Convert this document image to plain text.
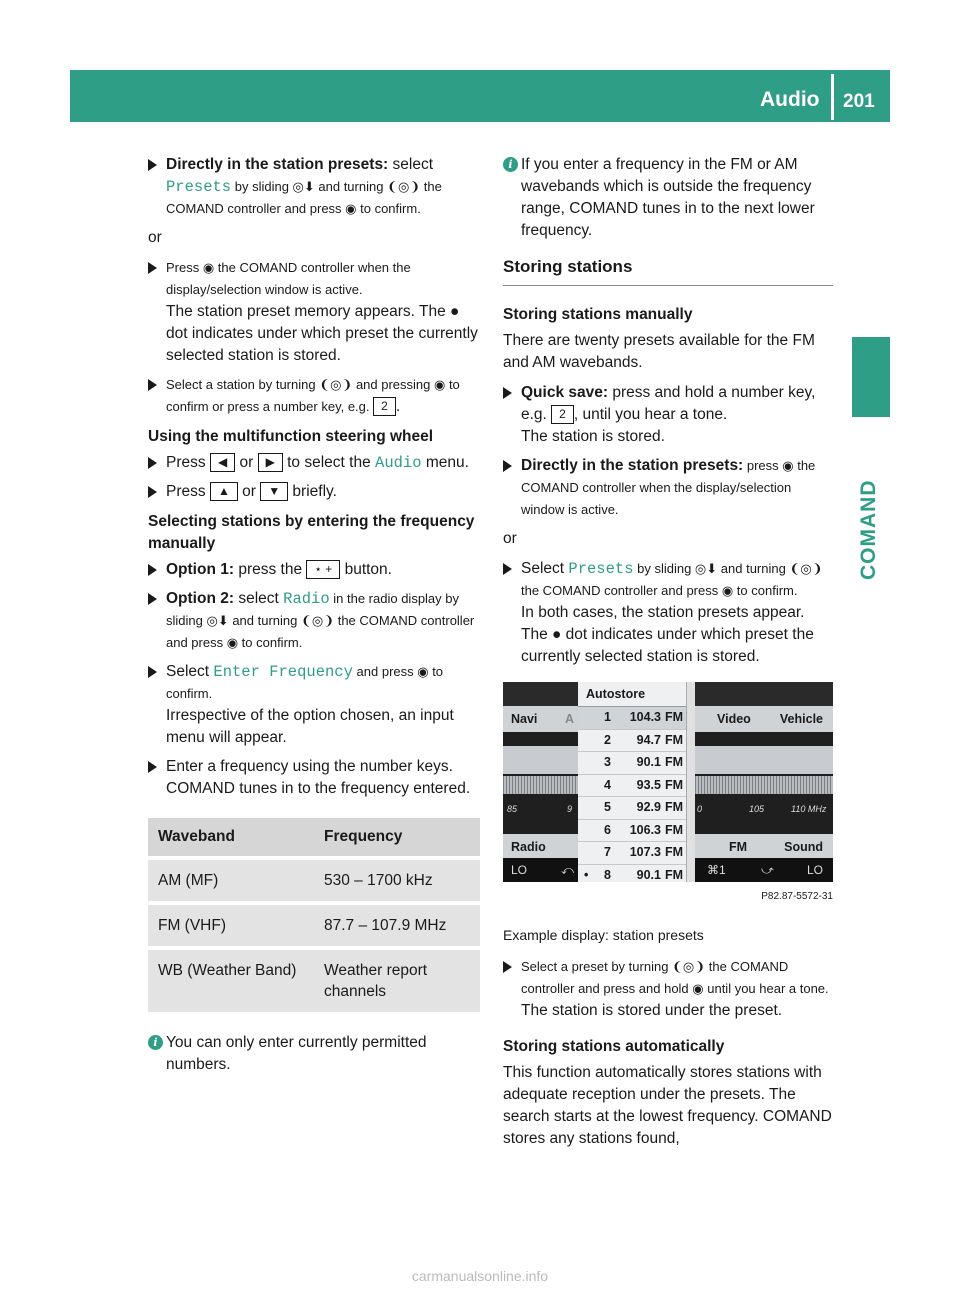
Audio 201
COMAND
Directly in the station presets: select Presets by sliding ◎⬇ and turning ❨◎❩ the COMAND controller and press ◉ to confirm.
or
Press ◉ the COMAND controller when the display/selection window is active.
The station preset memory appears. The ● dot indicates under which preset the currently selected station is stored.
Select a station by turning ❨◎❩ and pressing ◉ to confirm or press a number key, e.g. 2 .
Using the multifunction steering wheel
Press ◀ or ▶ to select the Audio menu.
Press ▲ or ▼ briefly.
Selecting stations by entering the frequency manually
Option 1: press the ⋆ + button.
Option 2: select Radio in the radio display by sliding ◎⬇ and turning ❨◎❩ the COMAND controller and press ◉ to confirm.
Select Enter Frequency and press ◉ to confirm.
Irrespective of the option chosen, an input menu will appear.
Enter a frequency using the number keys.
COMAND tunes in to the frequency entered.
Waveband	Frequency
AM (MF)	530 – 1700 kHz
FM (VHF)	87.7 – 107.9 MHz
WB (Weather Band)	Weather report channels
i You can only enter currently permitted numbers.
i If you enter a frequency in the FM or AM wavebands which is outside the frequency range, COMAND tunes in to the next lower frequency.
Storing stations
Storing stations manually
There are twenty presets available for the FM and AM wavebands.
Quick save: press and hold a number key, e.g. 2 , until you hear a tone.
The station is stored.
Directly in the station presets: press ◉ the COMAND controller when the display/selection window is active.
or
Select Presets by sliding ◎⬇ and turning ❨◎❩ the COMAND controller and press ◉ to confirm.
In both cases, the station presets appear. The ● dot indicates under which preset the currently selected station is stored.
Navi A
85	9
Radio
LO	⤺
Autostore
1 104.3 FM
2 94.7 FM
3 90.1 FM
4 93.5 FM
5 92.9 FM
6 106.3 FM
7 107.3 FM
• 8 90.1 FM
Video Vehicle
0	105	110 MHz
FM	Sound
⌘1	⤻	LO
P82.87-5572-31
Example display: station presets
Select a preset by turning ❨◎❩ the COMAND controller and press and hold ◉ until you hear a tone.
The station is stored under the preset.
Storing stations automatically
This function automatically stores stations with adequate reception under the presets. The search starts at the lowest frequency. COMAND stores any stations found,
carmanualsonline.info
